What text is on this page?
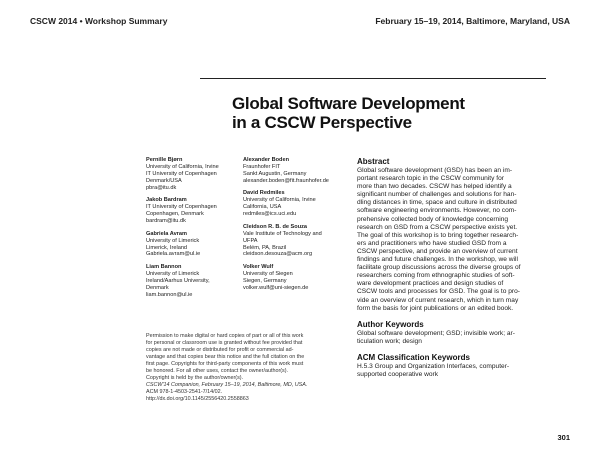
CSCW 2014 • Workshop Summary	February 15–19, 2014, Baltimore, Maryland, USA
Global Software Development
in a CSCW Perspective
Pernille Bjørn
University of California, Irvine
IT University of Copenhagen
Denmark/USA
pbra@itu.dk
Jakob Bardram
IT University of Copenhagen
Copenhagen, Denmark
bardram@itu.dk
Gabriela Avram
University of Limerick
Limerick, Ireland
Gabriela.avram@ul.ie
Liam Bannon
University of Limerick
Ireland/Aarhus University,
Denmark
liam.bannon@ul.ie
Alexander Boden
Fraunhofer FIT
Sankt Augustin, Germany
alexander.boden@fit.fraunhofer.de
David Redmiles
University of California, Irvine
California, USA
redmiles@ics.uci.edu
Cleidson R. B. de Souza
Vale Institute of Technology and
UFPA
Belém, PA, Brazil
cleidson.desouza@acm.org
Volker Wulf
University of Siegen
Siegen, Germany
volker.wulf@uni-siegen.de
Abstract
Global software development (GSD) has been an im-
portant research topic in the CSCW community for
more than two decades. CSCW has helped identify a
significant number of challenges and solutions for han-
dling distances in time, space and culture in distributed
software engineering environments. However, no com-
prehensive collected body of knowledge concerning
research on GSD from a CSCW perspective exists yet.
The goal of this workshop is to bring together research-
ers and practitioners who have studied GSD from a
CSCW perspective, and provide an overview of current
findings and future challenges. In the workshop, we will
facilitate group discussions across the diverse groups of
researchers coming from ethnographic studies of soft-
ware development practices and design studies of
CSCW tools and processes for GSD. The goal is to pro-
vide an overview of current research, which in turn may
form the basis for joint publications or an edited book.
Author Keywords
Global software development; GSD; invisible work; ar-
ticulation work; design
ACM Classification Keywords
H.5.3 Group and Organization Interfaces, computer-
supported cooperative work
Permission to make digital or hard copies of part or all of this work
for personal or classroom use is granted without fee provided that
copies are not made or distributed for profit or commercial ad-
vantage and that copies bear this notice and the full citation on the
first page. Copyrights for third-party components of this work must
be honored. For all other uses, contact the owner/author(s).
Copyright is held by the author/owner(s).
CSCW'14 Companion, February 15–19, 2014, Baltimore, MD, USA.
ACM 978-1-4503-2541-7/14/02.
http://dx.doi.org/10.1145/2556420.2558863
301
